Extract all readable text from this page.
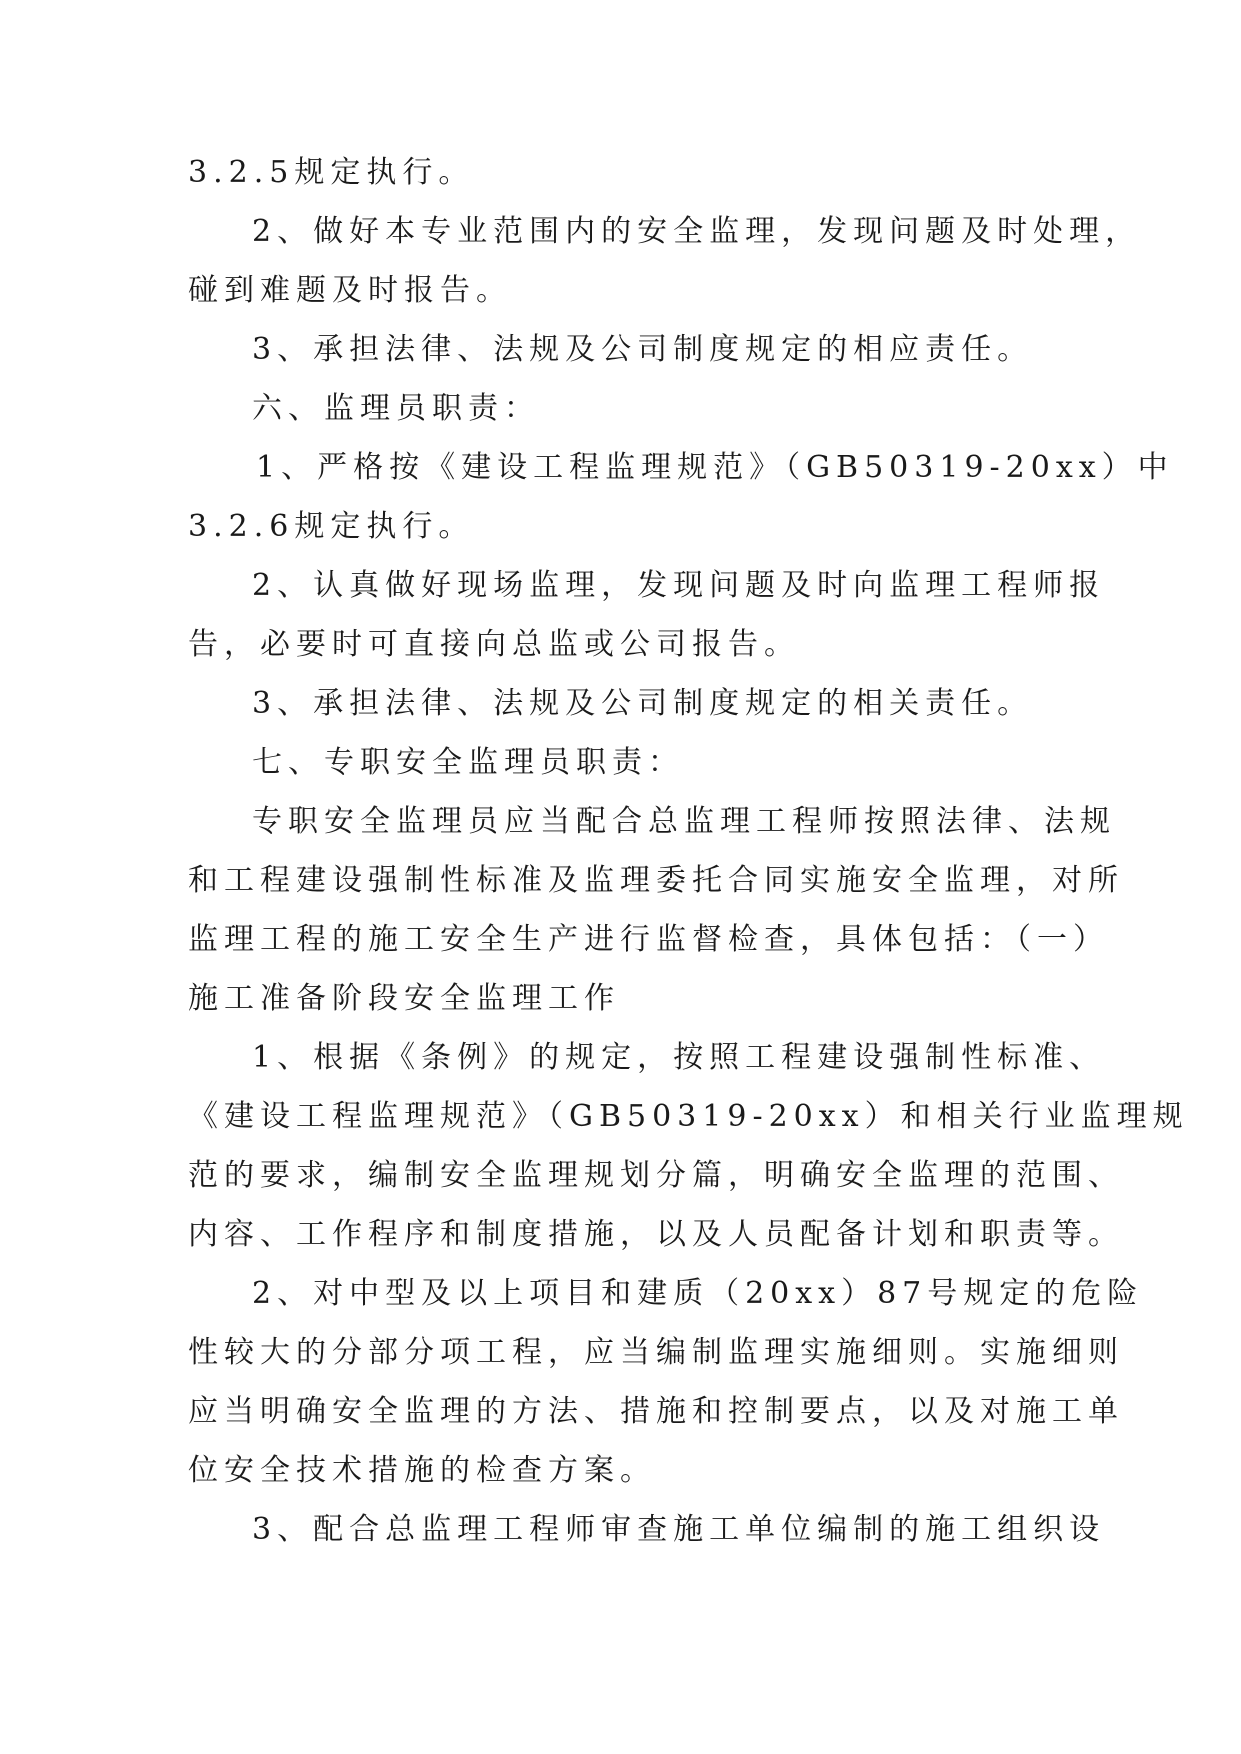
3.2.5规定执行。
2、做好本专业范围内的安全监理，发现问题及时处理，
碰到难题及时报告。
3、承担法律、法规及公司制度规定的相应责任。
六、监理员职责：
1、严格按《建设工程监理规范》（GB50319-20xx）中
3.2.6规定执行。
2、认真做好现场监理，发现问题及时向监理工程师报
告，必要时可直接向总监或公司报告。
3、承担法律、法规及公司制度规定的相关责任。
七、专职安全监理员职责：
专职安全监理员应当配合总监理工程师按照法律、法规
和工程建设强制性标准及监理委托合同实施安全监理，对所
监理工程的施工安全生产进行监督检查，具体包括：（一）
施工准备阶段安全监理工作
1、根据《条例》的规定，按照工程建设强制性标准、
《建设工程监理规范》（GB50319-20xx）和相关行业监理规
范的要求，编制安全监理规划分篇，明确安全监理的范围、
内容、工作程序和制度措施，以及人员配备计划和职责等。
2、对中型及以上项目和建质（20xx）87号规定的危险
性较大的分部分项工程，应当编制监理实施细则。实施细则
应当明确安全监理的方法、措施和控制要点，以及对施工单
位安全技术措施的检查方案。
3、配合总监理工程师审查施工单位编制的施工组织设
